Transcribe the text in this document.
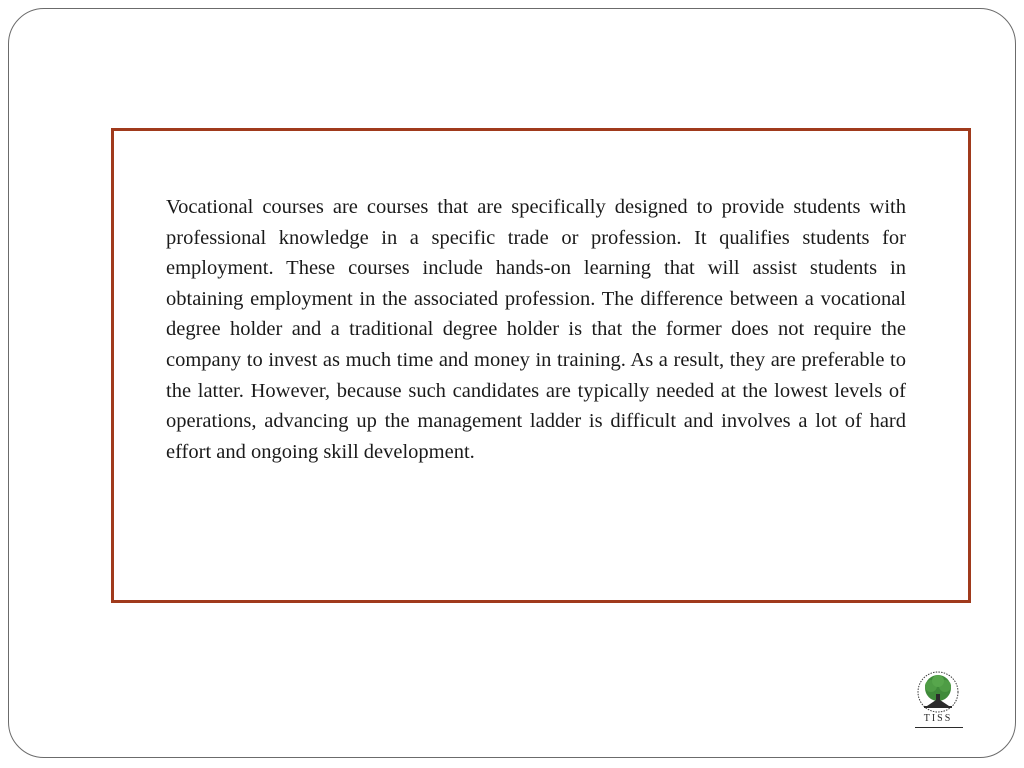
Vocational courses are courses that are specifically designed to provide students with professional knowledge in a specific trade or profession. It qualifies students for employment. These courses include hands-on learning that will assist students in obtaining employment in the associated profession. The difference between a vocational degree holder and a traditional degree holder is that the former does not require the company to invest as much time and money in training. As a result, they are preferable to the latter. However, because such candidates are typically needed at the lowest levels of operations, advancing up the management ladder is difficult and involves a lot of hard effort and ongoing skill development.

TISS
